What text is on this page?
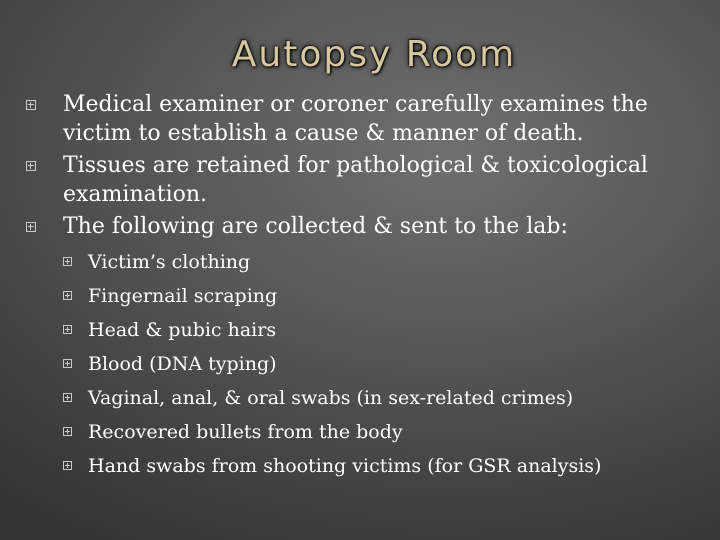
Autopsy Room
Medical examiner or coroner carefully examines the victim to establish a cause & manner of death.
Tissues are retained for pathological & toxicological examination.
The following are collected & sent to the lab:
Victim’s clothing
Fingernail scraping
Head & pubic hairs
Blood (DNA typing)
Vaginal, anal, & oral swabs (in sex-related crimes)
Recovered bullets from the body
Hand swabs from shooting victims (for GSR analysis)
